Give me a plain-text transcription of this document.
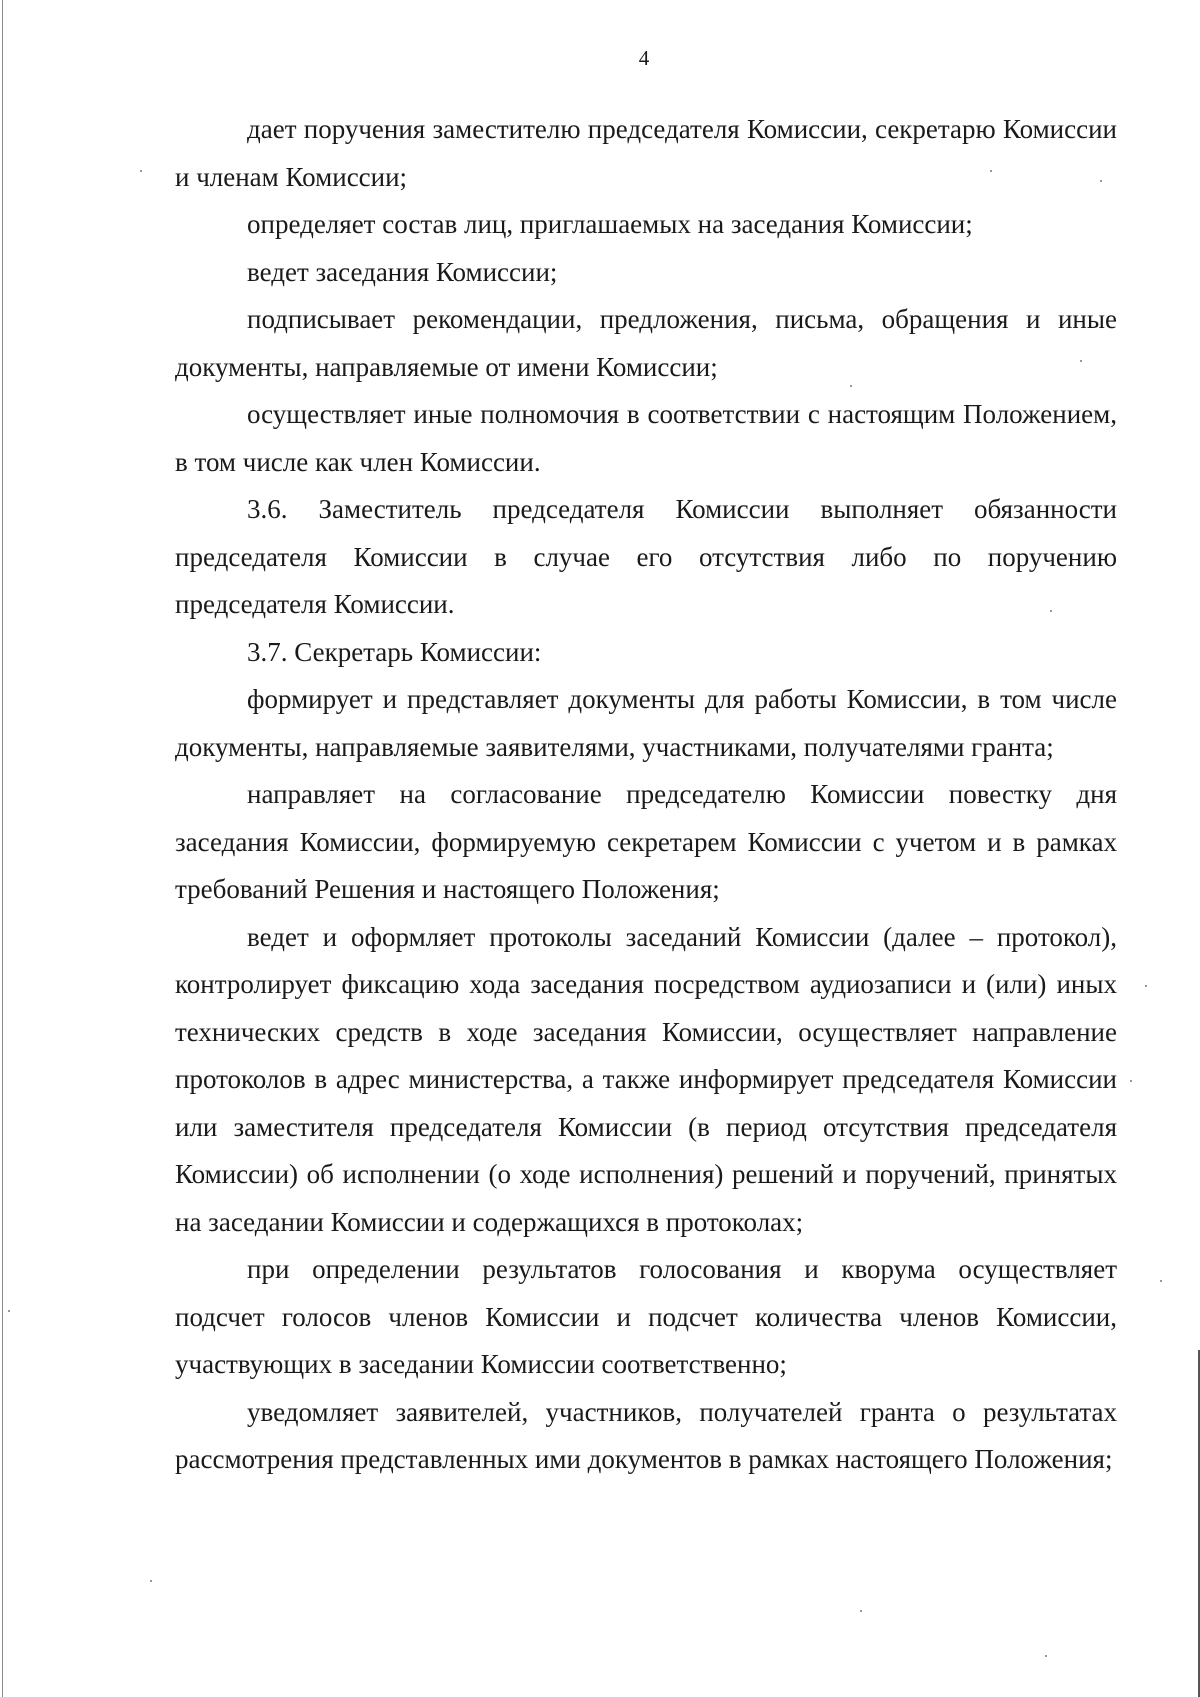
4

дает поручения заместителю председателя Комиссии, секретарю Комиссии и членам Комиссии;

определяет состав лиц, приглашаемых на заседания Комиссии;

ведет заседания Комиссии;

подписывает рекомендации, предложения, письма, обращения и иные документы, направляемые от имени Комиссии;

осуществляет иные полномочия в соответствии с настоящим Положением, в том числе как член Комиссии.

3.6. Заместитель председателя Комиссии выполняет обязанности председателя Комиссии в случае его отсутствия либо по поручению председателя Комиссии.

3.7. Секретарь Комиссии:

формирует и представляет документы для работы Комиссии, в том числе документы, направляемые заявителями, участниками, получателями гранта;

направляет на согласование председателю Комиссии повестку дня заседания Комиссии, формируемую секретарем Комиссии с учетом и в рамках требований Решения и настоящего Положения;

ведет и оформляет протоколы заседаний Комиссии (далее – протокол), контролирует фиксацию хода заседания посредством аудиозаписи и (или) иных технических средств в ходе заседания Комиссии, осуществляет направление протоколов в адрес министерства, а также информирует председателя Комиссии или заместителя председателя Комиссии (в период отсутствия председателя Комиссии) об исполнении (о ходе исполнения) решений и поручений, принятых на заседании Комиссии и содержащихся в протоколах;

при определении результатов голосования и кворума осуществляет подсчет голосов членов Комиссии и подсчет количества членов Комиссии, участвующих в заседании Комиссии соответственно;

уведомляет заявителей, участников, получателей гранта о результатах рассмотрения представленных ими документов в рамках настоящего Положения;
